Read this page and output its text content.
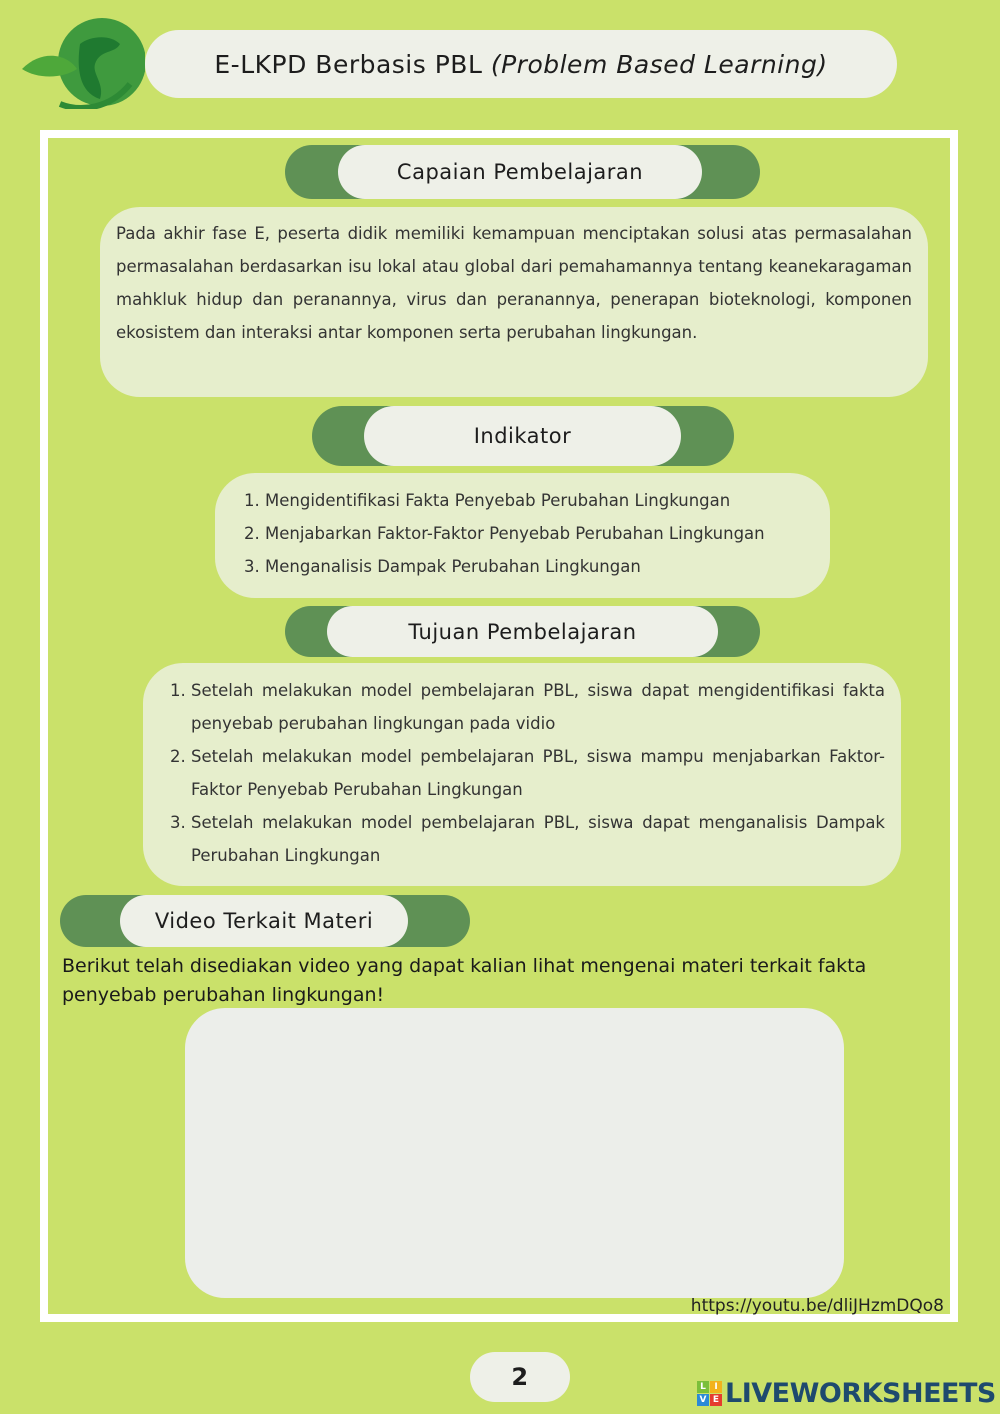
E-LKPD Berbasis PBL (Problem Based Learning)
Capaian Pembelajaran

Pada akhir fase E, peserta didik memiliki kemampuan menciptakan solusi atas permasalahan permasalahan berdasarkan isu lokal atau global dari pemahamannya tentang keanekaragaman mahkluk hidup dan peranannya, virus dan peranannya, penerapan bioteknologi, komponen ekosistem dan interaksi antar komponen serta perubahan lingkungan.

Indikator
1. Mengidentifikasi Fakta Penyebab Perubahan Lingkungan
2. Menjabarkan Faktor-Faktor Penyebab Perubahan Lingkungan
3. Menganalisis Dampak Perubahan Lingkungan
Tujuan Pembelajaran
1. Setelah melakukan model pembelajaran PBL, siswa dapat mengidentifikasi fakta penyebab perubahan lingkungan pada vidio
2. Setelah melakukan model pembelajaran PBL, siswa mampu menjabarkan Faktor-Faktor Penyebab Perubahan Lingkungan
3. Setelah melakukan model pembelajaran PBL, siswa dapat menganalisis Dampak Perubahan Lingkungan
Video Terkait Materi

Berikut telah disediakan video yang dapat kalian lihat mengenai materi terkait fakta penyebab perubahan lingkungan!

https://youtu.be/dliJHzmDQo8
2	L I
V E LIVEWORKSHEETS
